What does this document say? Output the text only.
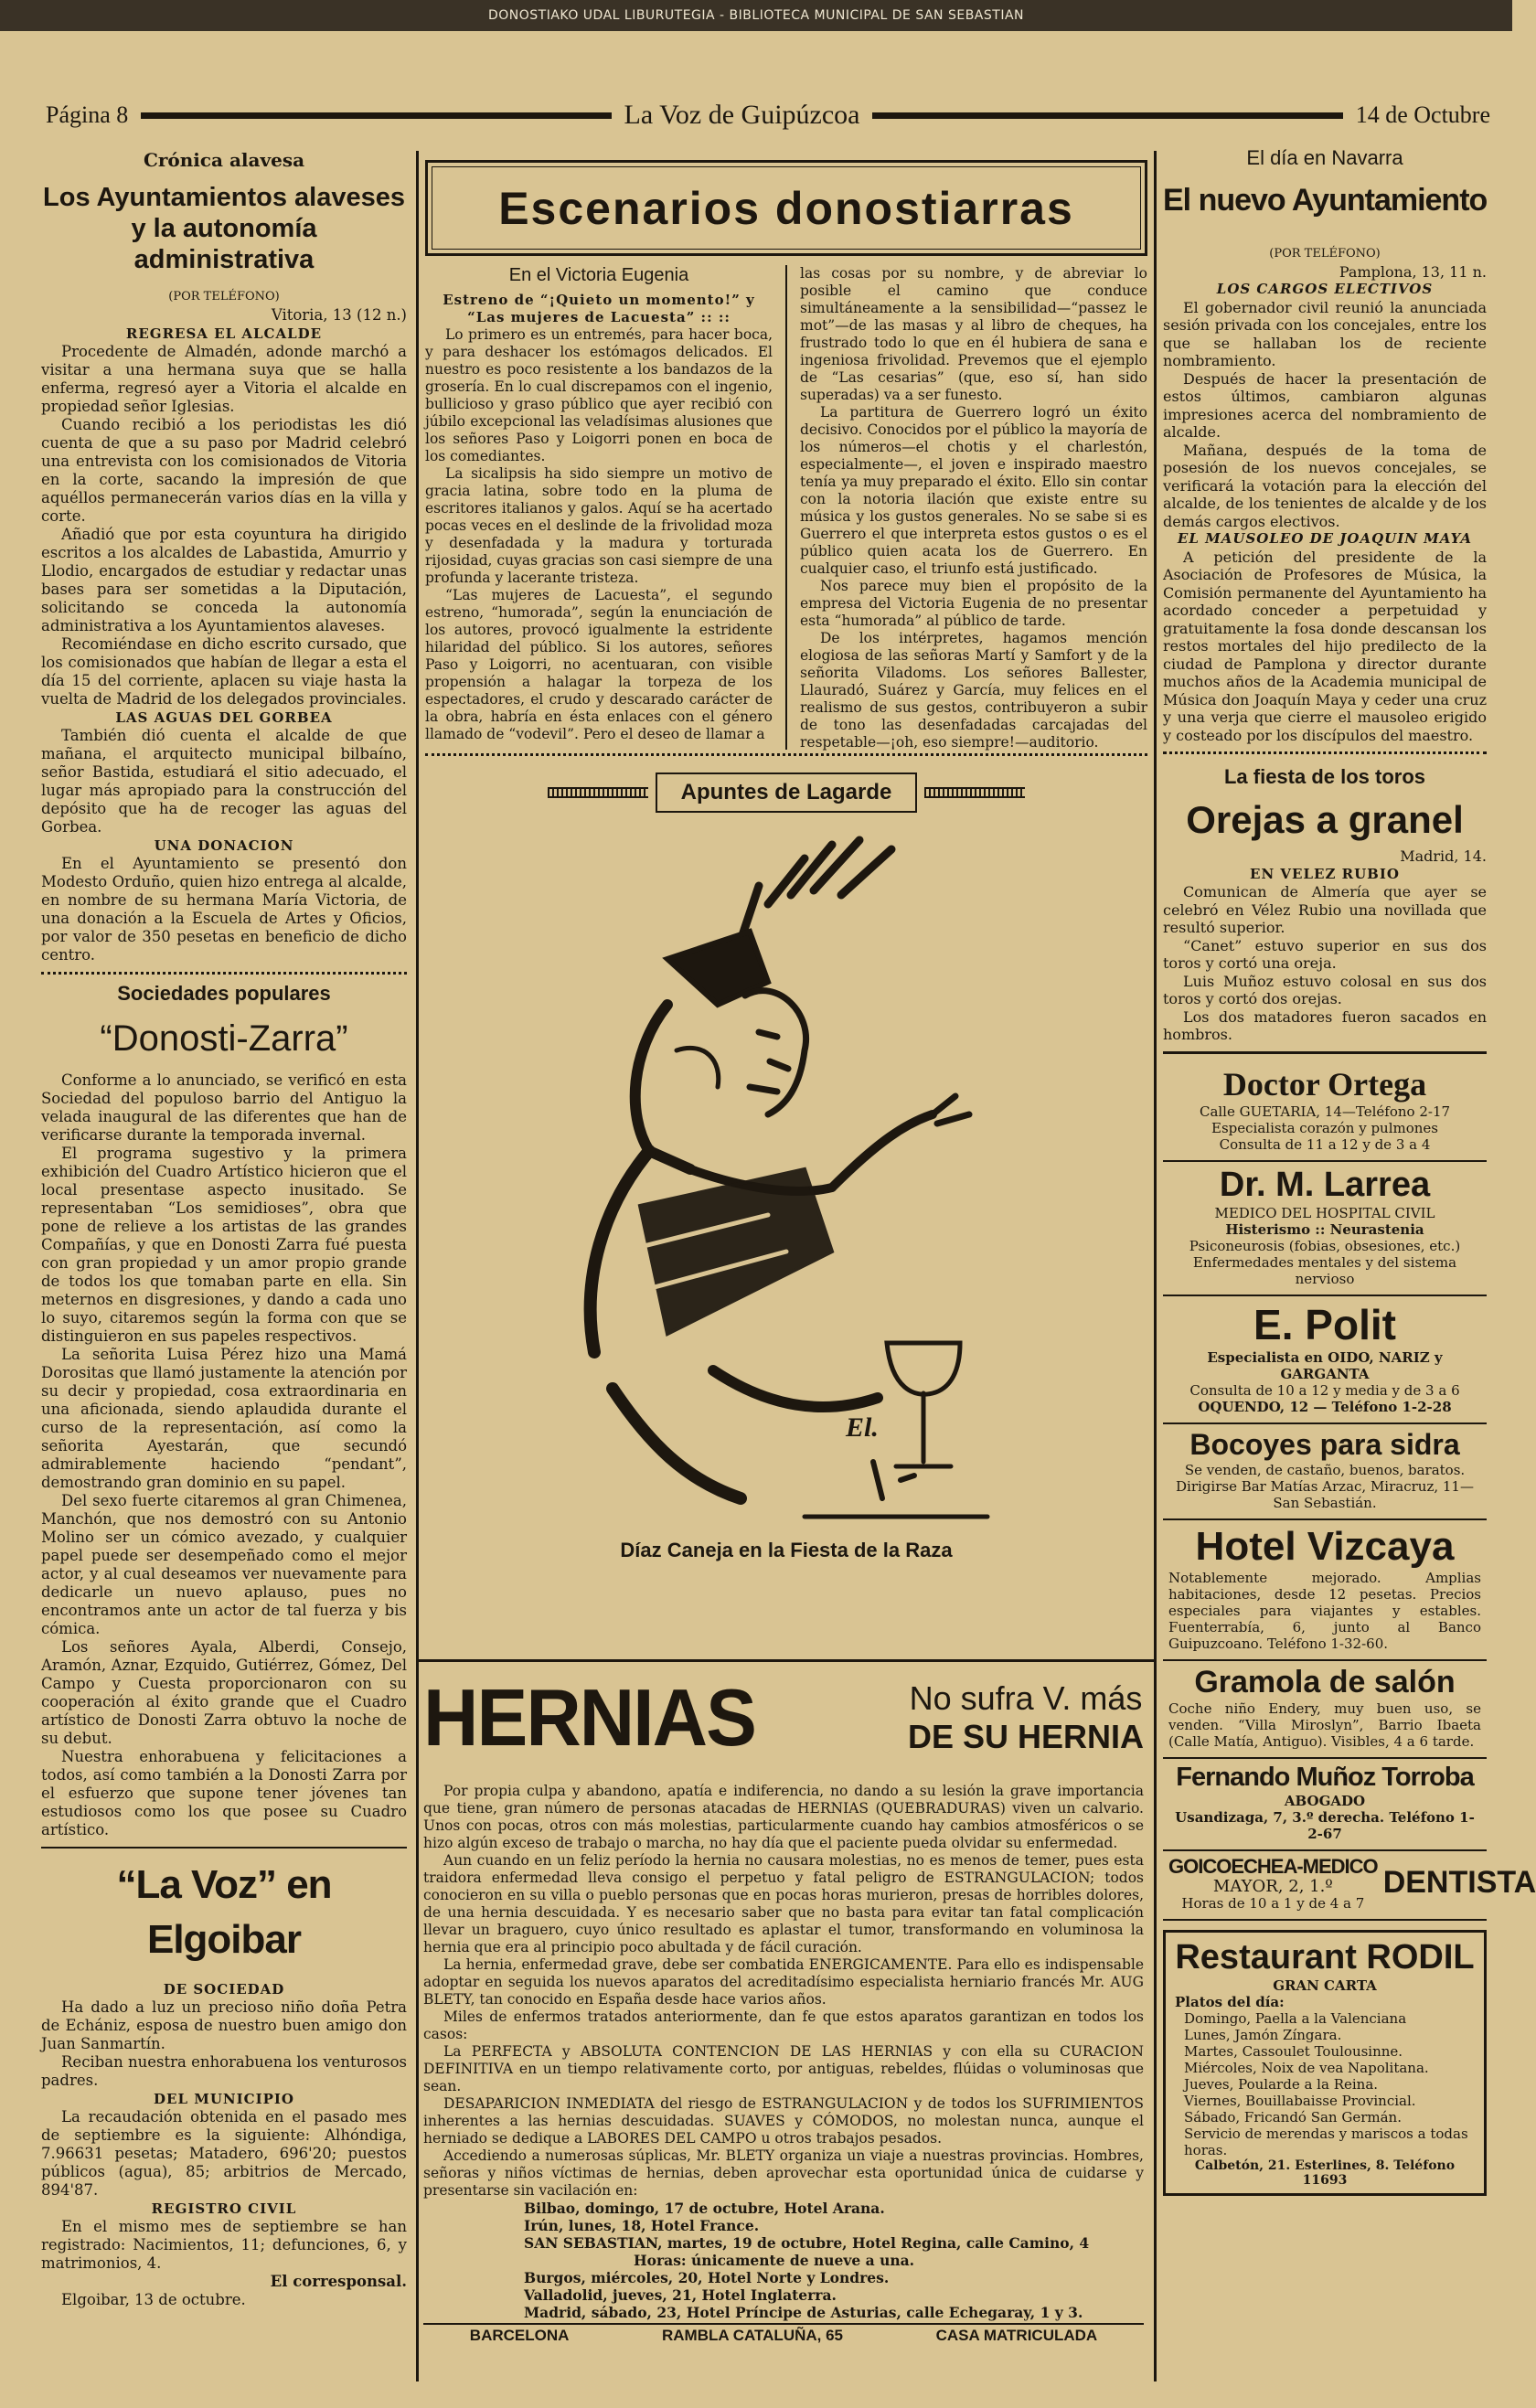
DONOSTIAKO UDAL LIBURUTEGIA - BIBLIOTECA MUNICIPAL DE SAN SEBASTIAN
Página 8	La Voz de Guipúzcoa	14 de Octubre

Crónica alavesa

Los Ayuntamientos alaveses y la autonomía administrativa

(POR TELÉFONO)

Vitoria, 13 (12 n.)

REGRESA EL ALCALDE

Procedente de Almadén, adonde marchó a visitar a una hermana suya que se halla enferma, regresó ayer a Vitoria el alcalde en propiedad señor Iglesias.

Cuando recibió a los periodistas les dió cuenta de que a su paso por Madrid celebró una entrevista con los comisionados de Vitoria en la corte, sacando la impresión de que aquéllos permanecerán varios días en la villa y corte.

Añadió que por esta coyuntura ha dirigido escritos a los alcaldes de Labastida, Amurrio y Llodio, encargados de estudiar y redactar unas bases para ser sometidas a la Diputación, solicitando se conceda la autonomía administrativa a los Ayuntamientos alaveses.

Recomiéndase en dicho escrito cursado, que los comisionados que habían de llegar a esta el día 15 del corriente, aplacen su viaje hasta la vuelta de Madrid de los delegados provinciales.

LAS AGUAS DEL GORBEA

También dió cuenta el alcalde de que mañana, el arquitecto municipal bilbaíno, señor Bastida, estudiará el sitio adecuado, el lugar más apropiado para la construcción del depósito que ha de recoger las aguas del Gorbea.

UNA DONACION

En el Ayuntamiento se presentó don Modesto Orduño, quien hizo entrega al alcalde, en nombre de su hermana María Victoria, de una donación a la Escuela de Artes y Oficios, por valor de 350 pesetas en beneficio de dicho centro.

Sociedades populares

“Donosti-Zarra”

Conforme a lo anunciado, se verificó en esta Sociedad del populoso barrio del Antiguo la velada inaugural de las diferentes que han de verificarse durante la temporada invernal.

El programa sugestivo y la primera exhibición del Cuadro Artístico hicieron que el local presentase aspecto inusitado. Se representaban “Los semidioses”, obra que pone de relieve a los artistas de las grandes Compañías, y que en Donosti Zarra fué puesta con gran propiedad y un amor propio grande de todos los que tomaban parte en ella. Sin meternos en disgresiones, y dando a cada uno lo suyo, citaremos según la forma con que se distinguieron en sus papeles respectivos.

La señorita Luisa Pérez hizo una Mamá Dorositas que llamó justamente la atención por su decir y propiedad, cosa extraordinaria en una aficionada, siendo aplaudida durante el curso de la representación, así como la señorita Ayestarán, que secundó admirablemente haciendo “pendant”, demostrando gran dominio en su papel.

Del sexo fuerte citaremos al gran Chimenea, Manchón, que nos demostró con su Antonio Molino ser un cómico avezado, y cualquier papel puede ser desempeñado como el mejor actor, y al cual deseamos ver nuevamente para dedicarle un nuevo aplauso, pues no encontramos ante un actor de tal fuerza y bis cómica.

Los señores Ayala, Alberdi, Consejo, Aramón, Aznar, Ezquido, Gutiérrez, Gómez, Del Campo y Cuesta proporcionaron con su cooperación al éxito grande que el Cuadro artístico de Donosti Zarra obtuvo la noche de su debut.

Nuestra enhorabuena y felicitaciones a todos, así como también a la Donosti Zarra por el esfuerzo que supone tener jóvenes tan estudiosos como los que posee su Cuadro artístico.

“La Voz” en Elgoibar

DE SOCIEDAD

Ha dado a luz un precioso niño doña Petra de Echániz, esposa de nuestro buen amigo don Juan Sanmartín.

Reciban nuestra enhorabuena los venturosos padres.

DEL MUNICIPIO

La recaudación obtenida en el pasado mes de septiembre es la siguiente: Alhóndiga, 7.96631 pesetas; Matadero, 696'20; puestos públicos (agua), 85; arbitrios de Mercado, 894'87.

REGISTRO CIVIL

En el mismo mes de septiembre se han registrado: Nacimientos, 11; defunciones, 6, y matrimonios, 4.

El corresponsal.

Elgoibar, 13 de octubre.

Escenarios donostiarras

En el Victoria Eugenia

Estreno de “¡Quieto un momento!” y “Las mujeres de Lacuesta” :: ::

Lo primero es un entremés, para hacer boca, y para deshacer los estómagos delicados. El nuestro es poco resistente a los bandazos de la grosería. En lo cual discrepamos con el ingenio, bullicioso y graso público que ayer recibió con júbilo excepcional las veladísimas alusiones que los señores Paso y Loigorri ponen en boca de los comediantes.

La sicalipsis ha sido siempre un motivo de gracia latina, sobre todo en la pluma de escritores italianos y galos. Aquí se ha acertado pocas veces en el deslinde de la frivolidad moza y desenfadada y la madura y torturada rijosidad, cuyas gracias son casi siempre de una profunda y lacerante tristeza.

“Las mujeres de Lacuesta”, el segundo estreno, “humorada”, según la enunciación de los autores, provocó igualmente la estridente hilaridad del público. Si los autores, señores Paso y Loigorri, no acentuaran, con visible propensión a halagar la torpeza de los espectadores, el crudo y descarado carácter de la obra, habría en ésta enlaces con el género llamado de “vodevil”. Pero el deseo de llamar a

las cosas por su nombre, y de abreviar lo posible el camino que conduce simultáneamente a la sensibilidad—“passez le mot”—de las masas y al libro de cheques, ha frustrado todo lo que en él hubiera de sana e ingeniosa frivolidad. Prevemos que el ejemplo de “Las cesarias” (que, eso sí, han sido superadas) va a ser funesto.

La partitura de Guerrero logró un éxito decisivo. Conocidos por el público la mayoría de los números—el chotis y el charlestón, especialmente—, el joven e inspirado maestro tenía ya muy preparado el éxito. Ello sin contar con la notoria ilación que existe entre su música y los gustos generales. No se sabe si es Guerrero el que interpreta estos gustos o es el público quien acata los de Guerrero. En cualquier caso, el triunfo está justificado.

Nos parece muy bien el propósito de la empresa del Victoria Eugenia de no presentar esta “humorada” al público de tarde.

De los intérpretes, hagamos mención elogiosa de las señoras Martí y Samfort y de la señorita Viladoms. Los señores Ballester, Llauradó, Suárez y García, muy felices en el realismo de sus gestos, contribuyeron a subir de tono las desenfadadas carcajadas del respetable—¡oh, eso siempre!—auditorio.

Apuntes de Lagarde
El.

Díaz Caneja en la Fiesta de la Raza

HERNIAS	No sufra V. más
DE SU HERNIA

Por propia culpa y abandono, apatía e indiferencia, no dando a su lesión la grave importancia que tiene, gran número de personas atacadas de HERNIAS (QUEBRADURAS) viven un calvario. Unos con pocas, otros con más molestias, particularmente cuando hay cambios atmosféricos o se hizo algún exceso de trabajo o marcha, no hay día que el paciente pueda olvidar su enfermedad.

Aun cuando en un feliz período la hernia no causara molestias, no es menos de temer, pues esta traidora enfermedad lleva consigo el perpetuo y fatal peligro de ESTRANGULACION; todos conocieron en su villa o pueblo personas que en pocas horas murieron, presas de horribles dolores, de una hernia descuidada. Y es necesario saber que no basta para evitar tan fatal complicación llevar un braguero, cuyo único resultado es aplastar el tumor, transformando en voluminosa la hernia que era al principio poco abultada y de fácil curación.

La hernia, enfermedad grave, debe ser combatida ENERGICAMENTE. Para ello es indispensable adoptar en seguida los nuevos aparatos del acreditadísimo especialista herniario francés Mr. AUG BLETY, tan conocido en España desde hace varios años.

Miles de enfermos tratados anteriormente, dan fe que estos aparatos garantizan en todos los casos:

La PERFECTA y ABSOLUTA CONTENCION DE LAS HERNIAS y con ella su CURACION DEFINITIVA en un tiempo relativamente corto, por antiguas, rebeldes, flúidas o voluminosas que sean.

DESAPARICION INMEDIATA del riesgo de ESTRANGULACION y de todos los SUFRIMIENTOS inherentes a las hernias descuidadas. SUAVES y CÓMODOS, no molestan nunca, aunque el herniado se dedique a LABORES DEL CAMPO u otros trabajos pesados.

Accediendo a numerosas súplicas, Mr. BLETY organiza un viaje a nuestras provincias. Hombres, señoras y niños víctimas de hernias, deben aprovechar esta oportunidad única de cuidarse y presentarse sin vacilación en:

Bilbao, domingo, 17 de octubre, Hotel Arana.

Irún, lunes, 18, Hotel France.

SAN SEBASTIAN, martes, 19 de octubre, Hotel Regina, calle Camino, 4

Horas: únicamente de nueve a una.

Burgos, miércoles, 20, Hotel Norte y Londres.

Valladolid, jueves, 21, Hotel Inglaterra.

Madrid, sábado, 23, Hotel Príncipe de Asturias, calle Echegaray, 1 y 3.

BARCELONA	RAMBLA CATALUÑA, 65	CASA MATRICULADA

El día en Navarra

El nuevo Ayuntamiento

(POR TELÉFONO)

Pamplona, 13, 11 n.

LOS CARGOS ELECTIVOS

El gobernador civil reunió la anunciada sesión privada con los concejales, entre los que se hallaban los de reciente nombramiento.

Después de hacer la presentación de estos últimos, cambiaron algunas impresiones acerca del nombramiento de alcalde.

Mañana, después de la toma de posesión de los nuevos concejales, se verificará la votación para la elección del alcalde, de los tenientes de alcalde y de los demás cargos electivos.

EL MAUSOLEO DE JOAQUIN MAYA

A petición del presidente de la Asociación de Profesores de Música, la Comisión permanente del Ayuntamiento ha acordado conceder a perpetuidad y gratuitamente la fosa donde descansan los restos mortales del hijo predilecto de la ciudad de Pamplona y director durante muchos años de la Academia municipal de Música don Joaquín Maya y ceder una cruz y una verja que cierre el mausoleo erigido y costeado por los discípulos del maestro.

La fiesta de los toros

Orejas a granel

Madrid, 14.

EN VELEZ RUBIO

Comunican de Almería que ayer se celebró en Vélez Rubio una novillada que resultó superior.

“Canet” estuvo superior en sus dos toros y cortó una oreja.

Luis Muñoz estuvo colosal en sus dos toros y cortó dos orejas.

Los dos matadores fueron sacados en hombros.

Doctor Ortega

Calle GUETARIA, 14—Teléfono 2-17

Especialista corazón y pulmones

Consulta de 11 a 12 y de 3 a 4

Dr. M. Larrea

MEDICO DEL HOSPITAL CIVIL

Histerismo :: Neurastenia

Psiconeurosis (fobias, obsesiones, etc.) Enfermedades mentales y del sistema nervioso

E. Polit

Especialista en OIDO, NARIZ y GARGANTA

Consulta de 10 a 12 y media y de 3 a 6

OQUENDO, 12 — Teléfono 1-2-28

Bocoyes para sidra

Se venden, de castaño, buenos, baratos.

Dirigirse Bar Matías Arzac, Miracruz, 11—San Sebastián.

Hotel Vizcaya

Notablemente mejorado. Amplias habitaciones, desde 12 pesetas. Precios especiales para viajantes y estables. Fuenterrabía, 6, junto al Banco Guipuzcoano. Teléfono 1-32-60.

Gramola de salón

Coche niño Endery, muy buen uso, se venden. “Villa Miroslyn”, Barrio Ibaeta (Calle Matía, Antiguo). Visibles, 4 a 6 tarde.

Fernando Muñoz Torroba

ABOGADO

Usandizaga, 7, 3.º derecha. Teléfono 1-2-67

GOICOECHEA-MEDICO

MAYOR, 2, 1.º

Horas de 10 a 1 y de 4 a 7

DENTISTA
Restaurant RODIL

GRAN CARTA

Platos del día:

Domingo, Paella a la Valenciana
Lunes, Jamón Zíngara.
Martes, Cassoulet Toulousinne.
Miércoles, Noix de vea Napolitana.
Jueves, Poularde a la Reina.
Viernes, Bouillabaisse Provincial.
Sábado, Fricandó San Germán.
Servicio de merendas y mariscos a todas horas.

Calbetón, 21. Esterlines, 8. Teléfono 11693
